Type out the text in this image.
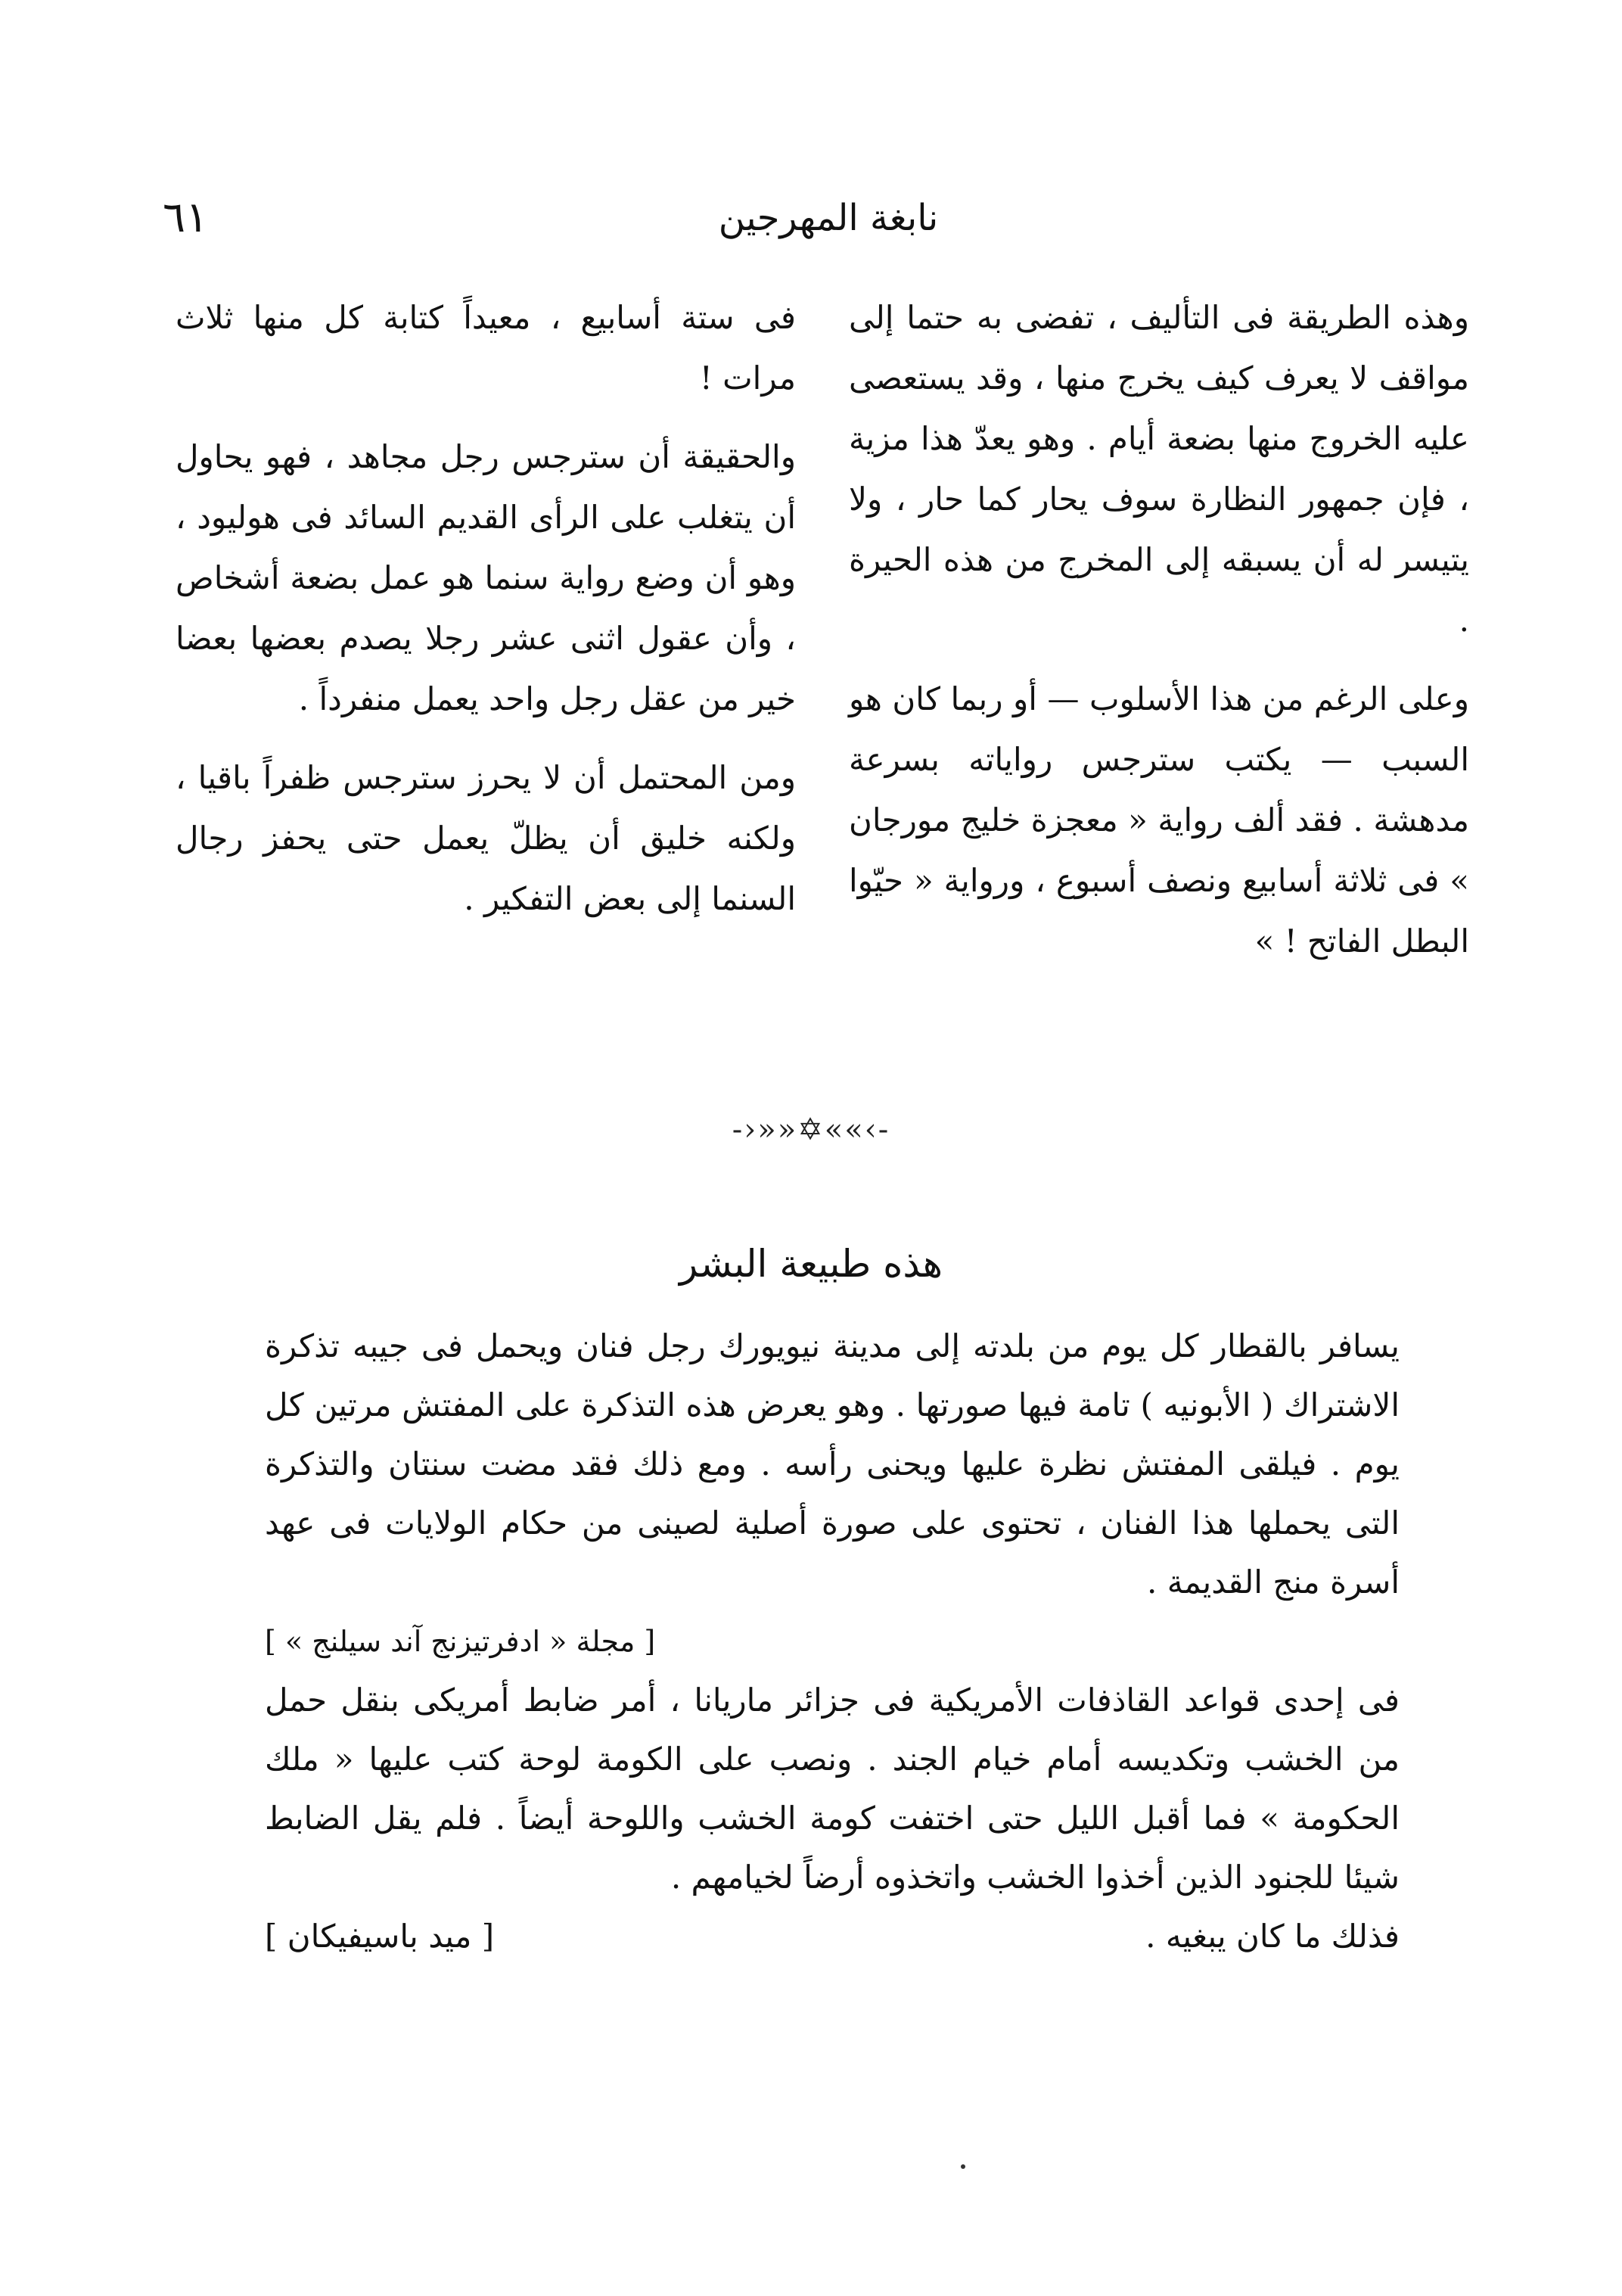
نابغة المهرجين
٦١

وهذه الطريقة فى التأليف ، تفضى به حتما إلى مواقف لا يعرف كيف يخرج منها ، وقد يستعصى عليه الخروج منها بضعة أيام . وهو يعدّ هذا مزية ، فإن جمهور النظارة سوف يحار كما حار ، ولا يتيسر له أن يسبقه إلى المخرج من هذه الحيرة .

وعلى الرغم من هذا الأسلوب — أو ربما كان هو السبب — يكتب سترجس رواياته بسرعة مدهشة . فقد ألف رواية « معجزة خليج مورجان » فى ثلاثة أسابيع ونصف أسبوع ، ورواية « حيّوا البطل الفاتح ! »

فى ستة أسابيع ، معيداً كتابة كل منها ثلاث مرات !

والحقيقة أن سترجس رجل مجاهد ، فهو يحاول أن يتغلب على الرأى القديم السائد فى هوليود ، وهو أن وضع رواية سنما هو عمل بضعة أشخاص ، وأن عقول اثنى عشر رجلا يصدم بعضها بعضا خير من عقل رجل واحد يعمل منفرداً .

ومن المحتمل أن لا يحرز سترجس ظفراً باقيا ، ولكنه خليق أن يظلّ يعمل حتى يحفز رجال السنما إلى بعض التفكير .

-›»»✡««‹-
هذه طبيعة البشر

يسافر بالقطار كل يوم من بلدته إلى مدينة نيويورك رجل فنان ويحمل فى جيبه تذكرة الاشتراك ( الأبونيه ) تامة فيها صورتها . وهو يعرض هذه التذكرة على المفتش مرتين كل يوم . فيلقى المفتش نظرة عليها ويحنى رأسه . ومع ذلك فقد مضت سنتان والتذكرة التى يحملها هذا الفنان ، تحتوى على صورة أصلية لصينى من حكام الولايات فى عهد أسرة منج القديمة .

[ مجلة « ادفرتيزنج آند سيلنج » ]

فى إحدى قواعد القاذفات الأمريكية فى جزائر ماريانا ، أمر ضابط أمريكى بنقل حمل من الخشب وتكديسه أمام خيام الجند . ونصب على الكومة لوحة كتب عليها « ملك الحكومة » فما أقبل الليل حتى اختفت كومة الخشب واللوحة أيضاً . فلم يقل الضابط شيئا للجنود الذين أخذوا الخشب واتخذوه أرضاً لخيامهم .

فذلك ما كان يبغيه .
[ ميد باسيفيكان ]
